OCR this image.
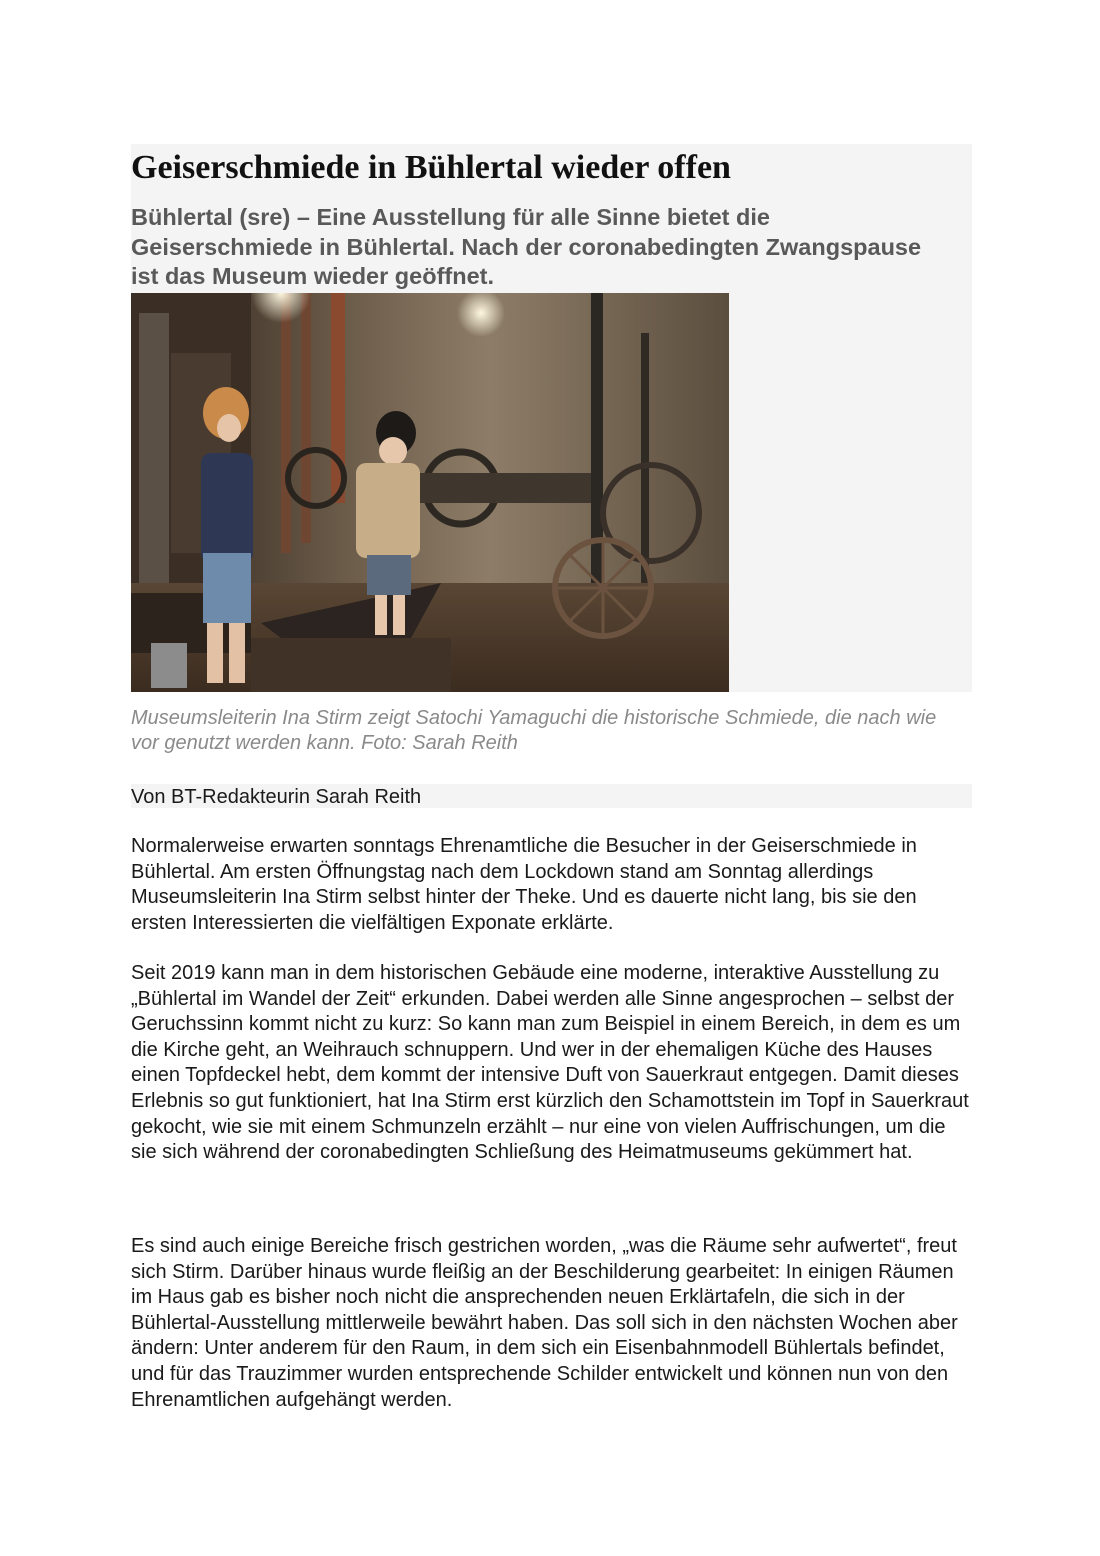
Geiserschmiede in Bühlertal wieder offen

Bühlertal (sre) – Eine Ausstellung für alle Sinne bietet die Geiserschmiede in Bühlertal. Nach der coronabedingten Zwangspause ist das Museum wieder geöffnet.

Museumsleiterin Ina Stirm zeigt Satochi Yamaguchi die historische Schmiede, die nach wie vor genutzt werden kann. Foto: Sarah Reith

Von BT-Redakteurin Sarah Reith

Normalerweise erwarten sonntags Ehrenamtliche die Besucher in der Geiserschmiede in Bühlertal. Am ersten Öffnungstag nach dem Lockdown stand am Sonntag allerdings Museumsleiterin Ina Stirm selbst hinter der Theke. Und es dauerte nicht lang, bis sie den ersten Interessierten die vielfältigen Exponate erklärte.

Seit 2019 kann man in dem historischen Gebäude eine moderne, interaktive Ausstellung zu „Bühlertal im Wandel der Zeit“ erkunden. Dabei werden alle Sinne angesprochen – selbst der Geruchssinn kommt nicht zu kurz: So kann man zum Beispiel in einem Bereich, in dem es um die Kirche geht, an Weihrauch schnuppern. Und wer in der ehemaligen Küche des Hauses einen Topfdeckel hebt, dem kommt der intensive Duft von Sauerkraut entgegen. Damit dieses Erlebnis so gut funktioniert, hat Ina Stirm erst kürzlich den Schamottstein im Topf in Sauerkraut gekocht, wie sie mit einem Schmunzeln erzählt – nur eine von vielen Auffrischungen, um die sie sich während der coronabedingten Schließung des Heimatmuseums gekümmert hat.

Es sind auch einige Bereiche frisch gestrichen worden, „was die Räume sehr aufwertet“, freut sich Stirm. Darüber hinaus wurde fleißig an der Beschilderung gearbeitet: In einigen Räumen im Haus gab es bisher noch nicht die ansprechenden neuen Erklärtafeln, die sich in der Bühlertal-Ausstellung mittlerweile bewährt haben. Das soll sich in den nächsten Wochen aber ändern: Unter anderem für den Raum, in dem sich ein Eisenbahnmodell Bühlertals befindet, und für das Trauzimmer wurden entsprechende Schilder entwickelt und können nun von den Ehrenamtlichen aufgehängt werden.
